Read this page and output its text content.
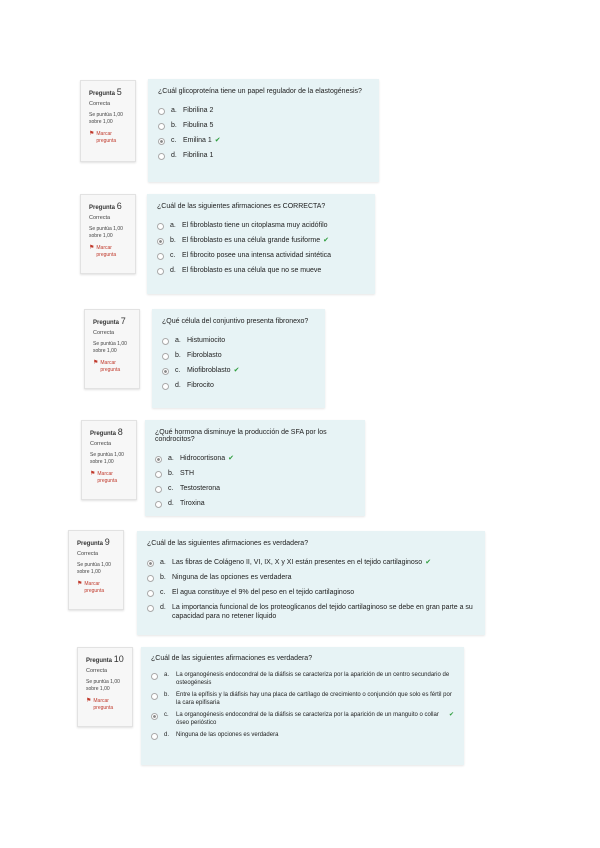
Pregunta 5
Correcta
Se puntúa 1,00
sobre 1,00
⚑ Marcar
pregunta
¿Cuál glicoproteína tiene un papel regulador de la elastogénesis?
a. Fibrilina 2
b. Fibulina 5
c. Emilina 1 ✔
d. Fibrilina 1
Pregunta 6
Correcta
Se puntúa 1,00
sobre 1,00
⚑ Marcar
pregunta
¿Cuál de las siguientes afirmaciones es CORRECTA?
a. El fibroblasto tiene un citoplasma muy acidófilo
b. El fibroblasto es una célula grande fusiforme ✔
c. El fibrocito posee una intensa actividad sintética
d. El fibroblasto es una célula que no se mueve
Pregunta 7
Correcta
Se puntúa 1,00
sobre 1,00
⚑ Marcar
pregunta
¿Qué célula del conjuntivo presenta fibronexo?
a. Histumiocito
b. Fibroblasto
c. Miofibroblasto ✔
d. Fibrocito
Pregunta 8
Correcta
Se puntúa 1,00
sobre 1,00
⚑ Marcar
pregunta
¿Qué hormona disminuye la producción de SFA por los condrocitos?
a. Hidrocortisona ✔
b. STH
c. Testosterona
d. Tiroxina
Pregunta 9
Correcta
Se puntúa 1,00
sobre 1,00
⚑ Marcar
pregunta
¿Cuál de las siguientes afirmaciones es verdadera?
a. Las fibras de Colágeno II, VI, IX, X y XI están presentes en el tejido cartilaginoso ✔
b. Ninguna de las opciones es verdadera
c. El agua constituye el 9% del peso en el tejido cartilaginoso
d. La importancia funcional de los proteoglicanos del tejido cartilaginoso se debe en gran parte a su capacidad para no retener líquido
Pregunta 10
Correcta
Se puntúa 1,00
sobre 1,00
⚑ Marcar
pregunta
¿Cuál de las siguientes afirmaciones es verdadera?
a.	La organogénesis endocondral de la diáfisis se caracteriza por la aparición de un centro secundario de osteogénesis
b.	Entre la epífisis y la diáfisis hay una placa de cartílago de crecimiento o conjunción que solo es fértil por la cara epifisaria
c.	La organogénesis endocondral de la diáfisis se caracteriza por la aparición de un manguito o collar óseo perióstico
✔
d.	Ninguna de las opciones es verdadera
